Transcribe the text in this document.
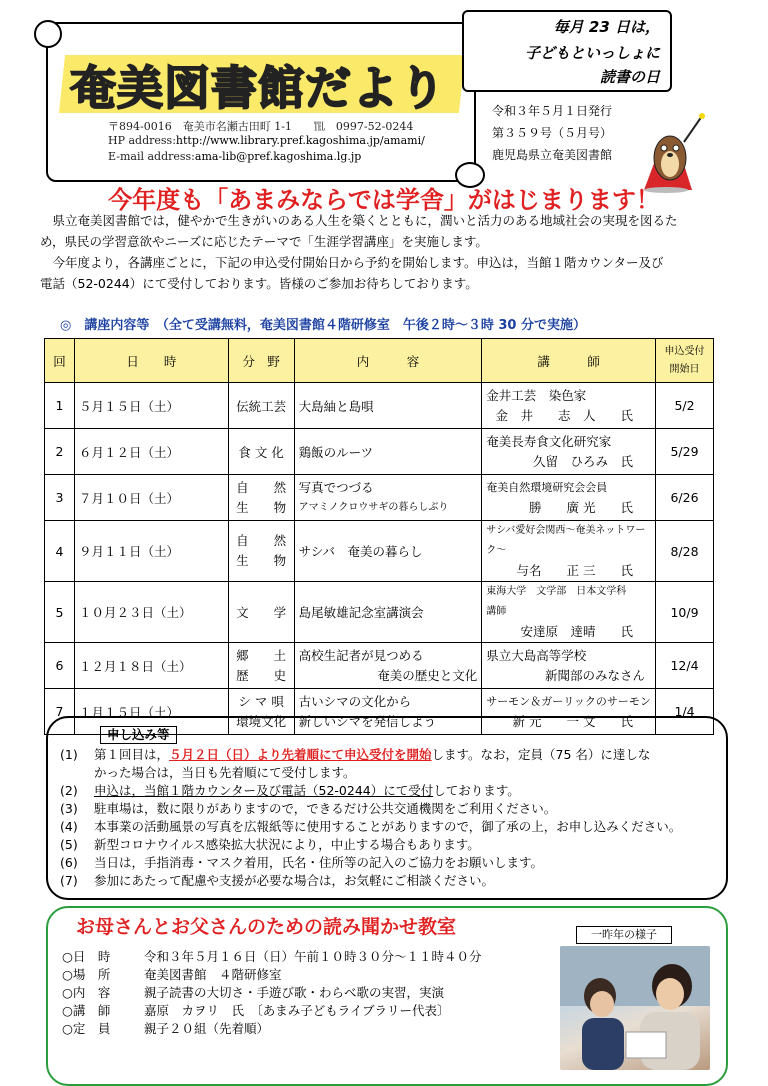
奄美図書館だより
〒894-0016　奄美市名瀬古田町 1-1　　℡　0997-52-0244
HP address:http://www.library.pref.kagoshima.jp/amami/
E-mail address:ama-lib@pref.kagoshima.lg.jp
毎月 23 日は，
子どもといっしょに
読書の日
令和３年５月１日発行
第３５９号（５月号）
鹿児島県立奄美図書館
今年度も「あまみならでは学舎」がはじまります！
　県立奄美図書館では，健やかで生きがいのある人生を築くとともに，潤いと活力のある地域社会の実現を図るた
め，県民の学習意欲やニーズに応じたテーマで「生涯学習講座」を実施します。
　今年度より，各講座ごとに，下記の申込受付開始日から予約を開始します。申込は，当館１階カウンター及び
電話（52-0244）にて受付しております。皆様のご参加お待ちしております。
◎　講座内容等　（全て受講無料，奄美図書館４階研修室　午後２時～３時 30 分で実施）
回	日　　時	分　野	内　　　容	講　　　師	申込受付
開始日

1	５月１５日（土）	伝統工芸	大島紬と島唄	金井工芸　染色家
金　井　　志　人　　氏	5/2
2	６月１２日（土）	食 文 化	鶏飯のルーツ	奄美長寿食文化研究家
久留　ひろみ　氏	5/29
3	７月１０日（土）	自　　然
生　　物	写真でつづる
アマミノクロウサギの暮らしぶり	奄美自然環境研究会会員
勝　　廣 光　　氏	6/26
4	９月１１日（土）	自　　然
生　　物	サシバ　奄美の暮らし	サシバ愛好会関西～奄美ネットワーク～
与名　　正 三　　氏	8/28
5	１０月２３日（土）	文　　学	島尾敏雄記念室講演会	東海大学　文学部　日本文学科　　講師
安達原　達晴　　氏	10/9
6	１２月１８日（土）	郷　　土
歴　　史	高校生記者が見つめる
奄美の歴史と文化	県立大島高等学校
新聞部のみなさん	12/4
7	１月１５日（土）	シ マ 唄
環境文化	古いシマの文化から
新しいシマを発信しよう	サーモン＆ガーリックのサーモン
新 元　　一 文　　氏	1/4
申し込み等
(1) 第１回目は，５月２日（日）より先着順にて申込受付を開始します。なお，定員（75 名）に達しな
かった場合は，当日も先着順にて受付します。
(2) 申込は，当館１階カウンター及び電話（52-0244）にて受付しております。
(3) 駐車場は，数に限りがありますので，できるだけ公共交通機関をご利用ください。
(4) 本事業の活動風景の写真を広報紙等に使用することがありますので，御了承の上，お申し込みください。
(5) 新型コロナウイルス感染拡大状況により，中止する場合もあります。
(6) 当日は，手指消毒・マスク着用，氏名・住所等の記入のご協力をお願いします。
(7) 参加にあたって配慮や支援が必要な場合は，お気軽にご相談ください。
お母さんとお父さんのための読み聞かせ教室
○日　時	令和３年５月１６日（日）午前１０時３０分～１１時４０分
○場　所	奄美図書館　４階研修室
○内　容	親子読書の大切さ・手遊び歌・わらべ歌の実習，実演
○講　師	嘉原　カヲリ　氏　〔あまみ子どもライブラリー代表〕
○定　員	親子２０組（先着順）
一昨年の様子
